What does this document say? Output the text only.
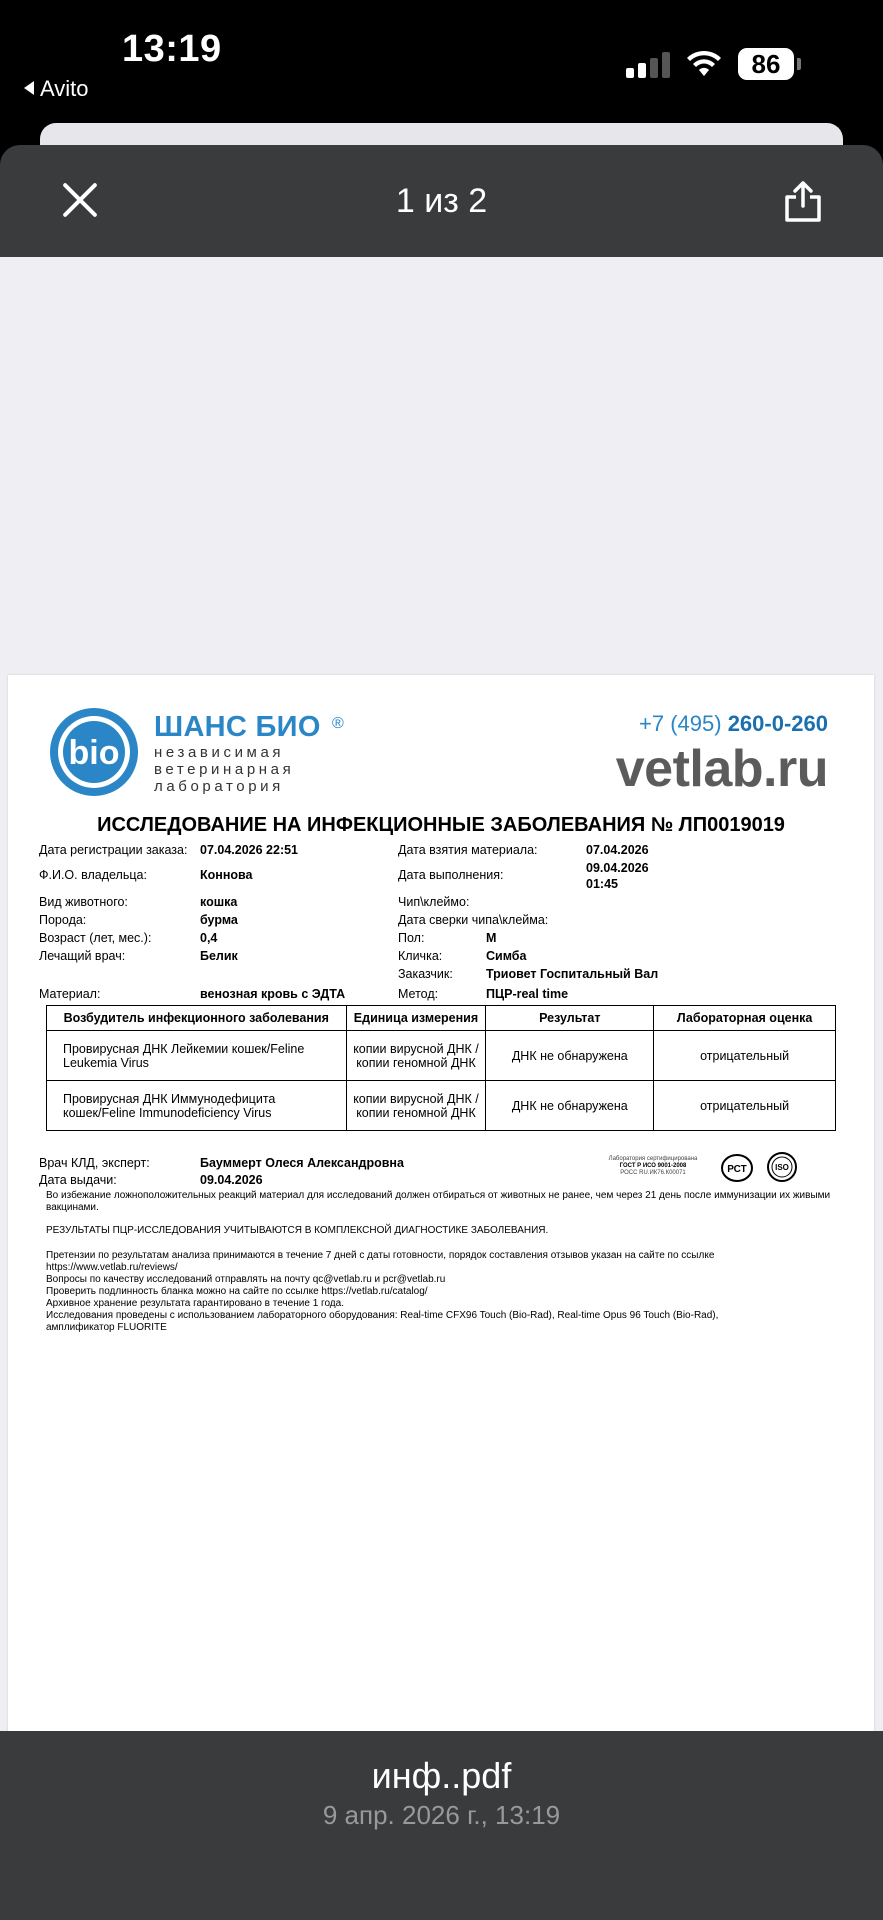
13:19
Avito
86
1 из 2
bio
ШАНС БИО ®
независимая
ветеринарная
лаборатория
+7 (495) 260-0-260
vetlab.ru
ИССЛЕДОВАНИЕ НА ИНФЕКЦИОННЫЕ ЗАБОЛЕВАНИЯ № ЛП0019019
Дата регистрации заказа: 07.04.2026 22:51
Ф.И.О. владельца:	Коннова
Вид животного:	кошка
Порода:	бурма
Возраст (лет, мес.):	0,4
Лечащий врач:	Белик
Материал:	венозная кровь с ЭДТА
Дата взятия материала:	07.04.2026
Дата выполнения:	09.04.2026
01:45
Чип\клеймо:
Дата сверки чипа\клейма:
Пол:	М
Кличка:	Симба
Заказчик:	Триовет Госпитальный Вал
Метод:	ПЦР-real time
Возбудитель инфекционного заболевания	Единица измерения	Результат	Лабораторная оценка
Провирусная ДНК Лейкемии кошек/Feline Leukemia Virus	копии вирусной ДНК / копии геномной ДНК	ДНК не обнаружена	отрицательный
Провирусная ДНК Иммунодефицита кошек/Feline Immunodeficiency Virus	копии вирусной ДНК / копии геномной ДНК	ДНК не обнаружена	отрицательный
Врач КЛД, эксперт:	Бауммерт Олеся Александровна
Дата выдачи:	09.04.2026
Лаборатория сертифицирована
ГОСТ Р ИСО 9001-2008
РОСС RU.ИК76.К00071	РСТ	ISO
Во избежание ложноположительных реакций материал для исследований должен отбираться от животных не ранее, чем через 21 день после иммунизации их живыми вакцинами.
РЕЗУЛЬТАТЫ ПЦР-ИССЛЕДОВАНИЯ УЧИТЫВАЮТСЯ В КОМПЛЕКСНОЙ ДИАГНОСТИКЕ ЗАБОЛЕВАНИЯ.
Претензии по результатам анализа принимаются в течение 7 дней с даты готовности, порядок составления отзывов указан на сайте по ссылке
https://www.vetlab.ru/reviews/
Вопросы по качеству исследований отправлять на почту qc@vetlab.ru и pcr@vetlab.ru
Проверить подлинность бланка можно на сайте по ссылке https://vetlab.ru/catalog/
Архивное хранение результата гарантировано в течение 1 года.
Исследования проведены с использованием лабораторного оборудования: Real-time CFX96 Touch (Bio-Rad), Real-time Opus 96 Touch (Bio-Rad),
амплификатор FLUORITE
инф..pdf
9 апр. 2026 г., 13:19
